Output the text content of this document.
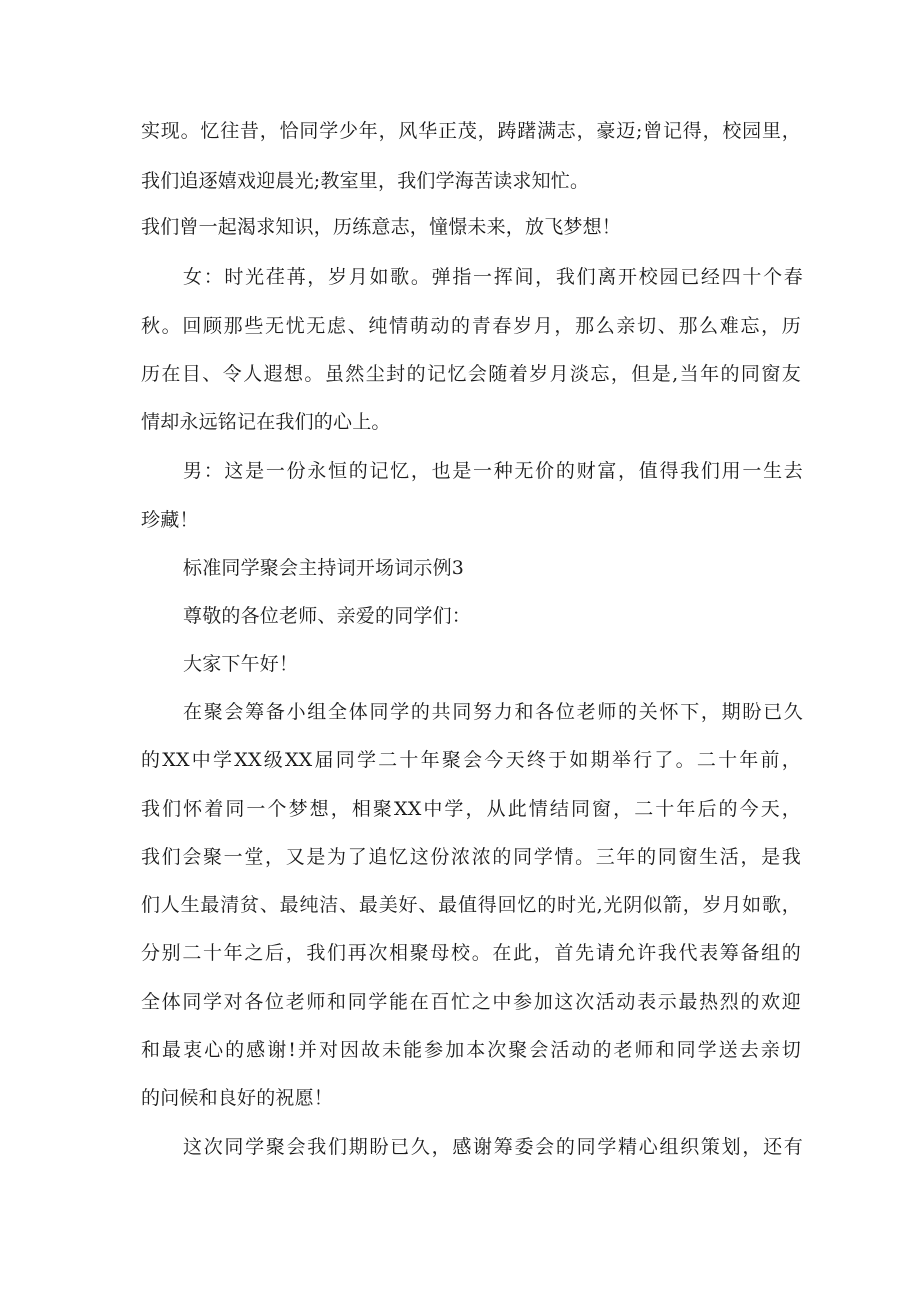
实现。忆往昔，恰同学少年，风华正茂，踌躇满志，豪迈;曾记得，校园里，
我们追逐嬉戏迎晨光;教室里，我们学海苦读求知忙。
我们曾一起渴求知识，历练意志，憧憬未来，放飞梦想！
女：时光荏苒，岁月如歌。弹指一挥间，我们离开校园已经四十个春
秋。回顾那些无忧无虑、纯情萌动的青春岁月，那么亲切、那么难忘，历
历在目、令人遐想。虽然尘封的记忆会随着岁月淡忘，但是,当年的同窗友
情却永远铭记在我们的心上。
男：这是一份永恒的记忆，也是一种无价的财富，值得我们用一生去
珍藏！
标准同学聚会主持词开场词示例3
尊敬的各位老师、亲爱的同学们：
大家下午好！
在聚会筹备小组全体同学的共同努力和各位老师的关怀下，期盼已久
的XX中学XX级XX届同学二十年聚会今天终于如期举行了。二十年前，
我们怀着同一个梦想，相聚XX中学，从此情结同窗，二十年后的今天，
我们会聚一堂，又是为了追忆这份浓浓的同学情。三年的同窗生活，是我
们人生最清贫、最纯洁、最美好、最值得回忆的时光,光阴似箭，岁月如歌，
分别二十年之后，我们再次相聚母校。在此，首先请允许我代表筹备组的
全体同学对各位老师和同学能在百忙之中参加这次活动表示最热烈的欢迎
和最衷心的感谢!并对因故未能参加本次聚会活动的老师和同学送去亲切
的问候和良好的祝愿！
这次同学聚会我们期盼已久，感谢筹委会的同学精心组织策划，还有
